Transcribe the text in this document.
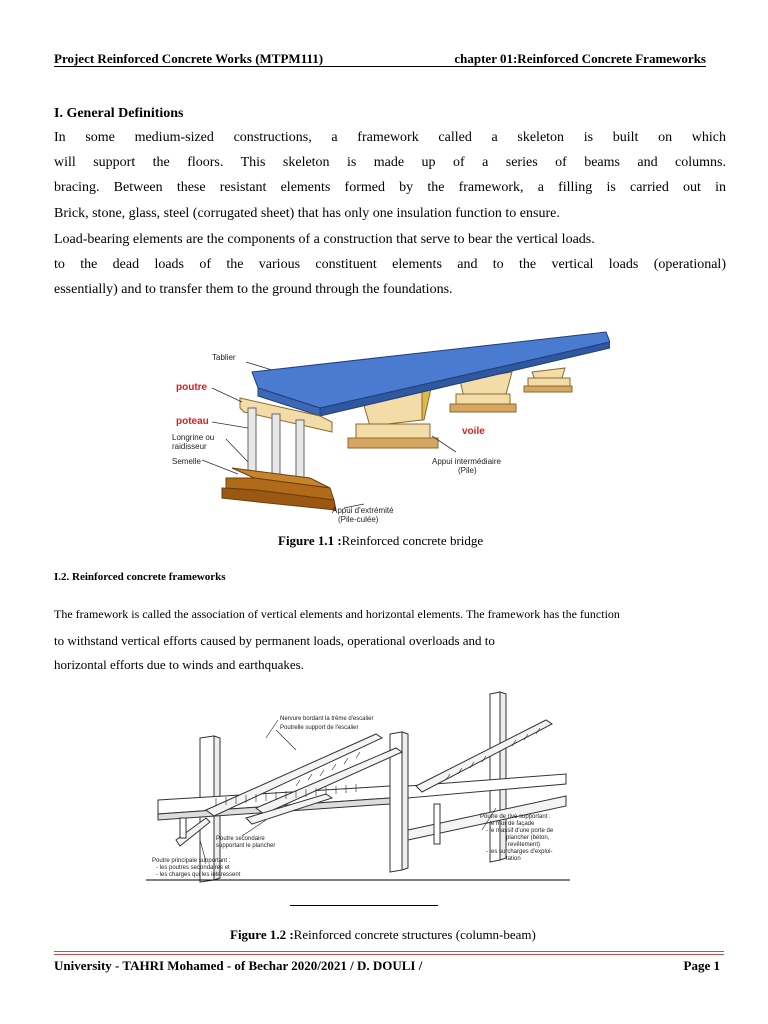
Project Reinforced Concrete Works (MTPM111)	chapter 01:Reinforced Concrete Frameworks
I. General Definitions
In some medium-sized constructions, a framework called a skeleton is built on which
will support the floors. This skeleton is made up of a series of beams and columns.
bracing. Between these resistant elements formed by the framework, a filling is carried out in
Brick, stone, glass, steel (corrugated sheet) that has only one insulation function to ensure.
Load-bearing elements are the components of a construction that serve to bear the vertical loads.
to the dead loads of the various constituent elements and to the vertical loads (operational)
essentially) and to transfer them to the ground through the foundations.
Tablier
poutre
poteau
Longrine ou
raidisseur
Semelle
voile
Appui intermédiaire
(Pile)
Appui d'extrémité
(Pile-culée)
Figure 1.1 :Reinforced concrete bridge
I.2. Reinforced concrete frameworks
The framework is called the association of vertical elements and horizontal elements. The framework has the function
to withstand vertical efforts caused by permanent loads, operational overloads and to
horizontal efforts due to winds and earthquakes.
Nervure bordant la trème d'escalier
Poutrelle support de l'escalier
Poutre secondaire
supportant le plancher
Poutre principale supportant :
- les poutres secondaires et
- les charges qui les intéressent
Poutre de rive supportant :
- le mur de façade
- le massif d'une porte de
plancher (béton,
revêtement)
- les surcharges d'exploi-
tation
Figure 1.2 :Reinforced concrete structures (column-beam)
University - TAHRI Mohamed - of Bechar 2020/2021 / D. DOULI /	Page 1
